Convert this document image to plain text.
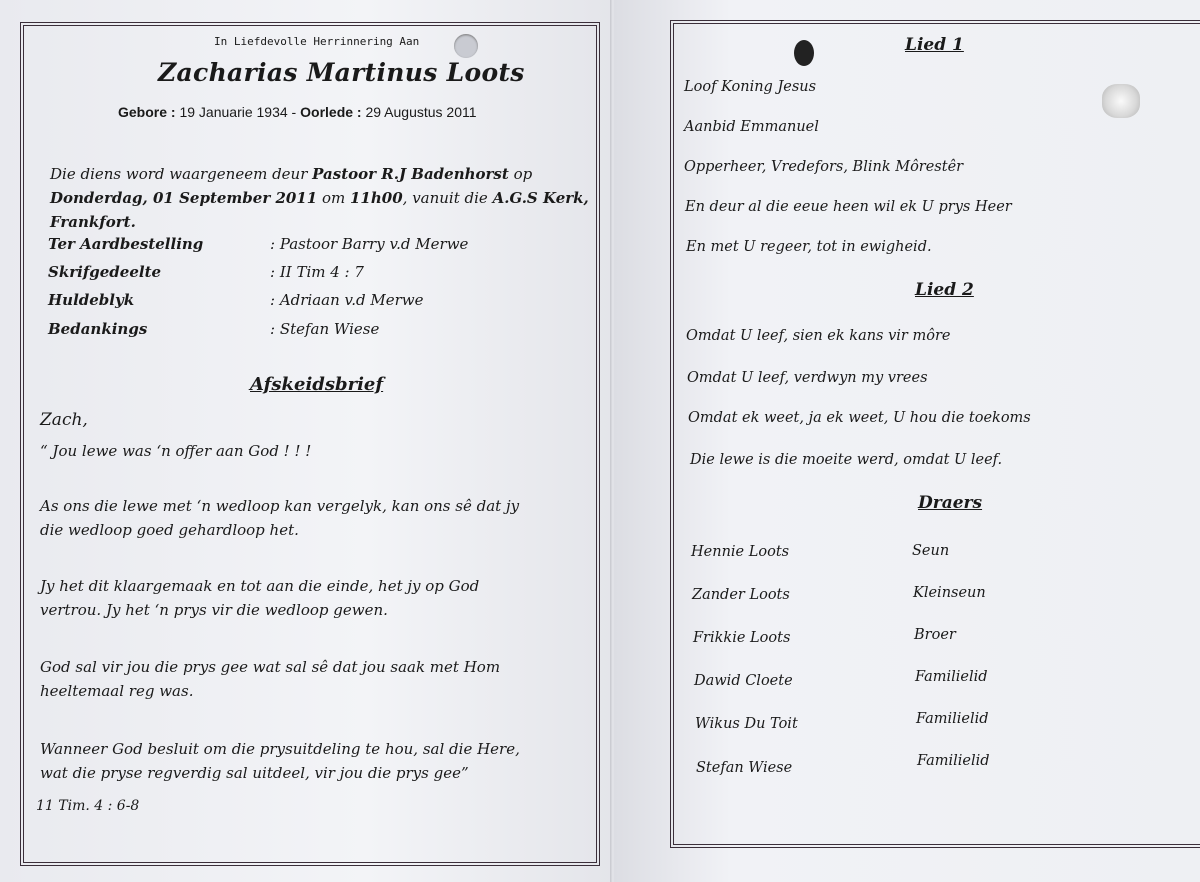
In Liefdevolle Herrinnering Aan
Zacharias Martinus Loots
Gebore : 19 Januarie 1934 - Oorlede : 29 Augustus 2011
Die diens word waargeneem deur Pastoor R.J Badenhorst op
Donderdag, 01 September 2011 om 11h00, vanuit die A.G.S Kerk,
Frankfort.
Ter Aardbestelling	: Pastoor Barry v.d Merwe
Skrifgedeelte	: II Tim 4 : 7
Huldeblyk	: Adriaan v.d Merwe
Bedankings	: Stefan Wiese
Afskeidsbrief
Zach,
“ Jou lewe was ‘n offer aan God ! ! !
As ons die lewe met ‘n wedloop kan vergelyk, kan ons sê dat jy
die wedloop goed gehardloop het.
Jy het dit klaargemaak en tot aan die einde, het jy op God
vertrou. Jy het ‘n prys vir die wedloop gewen.
God sal vir jou die prys gee wat sal sê dat jou saak met Hom
heeltemaal reg was.
Wanneer God besluit om die prysuitdeling te hou, sal die Here,
wat die pryse regverdig sal uitdeel, vir jou die prys gee”
11 Tim. 4 : 6-8
Lied 1
Loof Koning Jesus
Aanbid Emmanuel
Opperheer, Vredefors, Blink Môrestêr
En deur al die eeue heen wil ek U prys Heer
En met U regeer, tot in ewigheid.
Lied 2
Omdat U leef, sien ek kans vir môre
Omdat U leef, verdwyn my vrees
Omdat ek weet, ja ek weet, U hou die toekoms
Die lewe is die moeite werd, omdat U leef.
Draers
Hennie Loots	Seun
Zander Loots	Kleinseun
Frikkie Loots	Broer
Dawid Cloete	Familielid
Wikus Du Toit	Familielid
Stefan Wiese	Familielid
